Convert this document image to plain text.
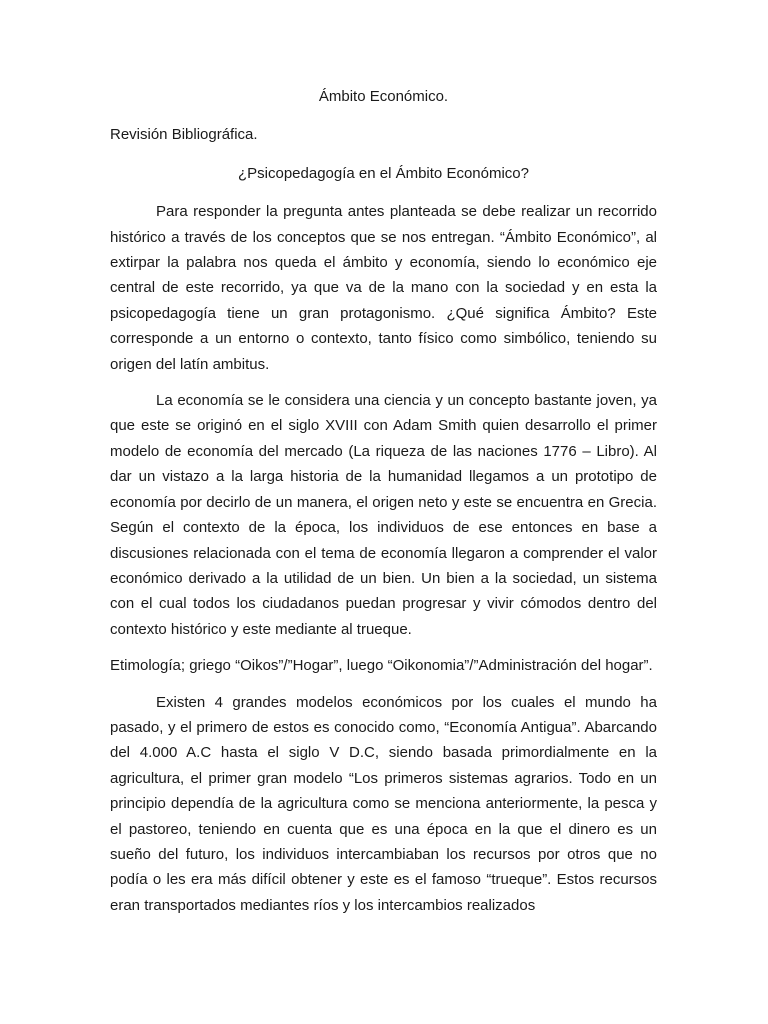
Ámbito Económico.
Revisión Bibliográfica.
¿Psicopedagogía en el Ámbito Económico?

Para responder la pregunta antes planteada se debe realizar un recorrido histórico a través de los conceptos que se nos entregan. “Ámbito Económico”, al extirpar la palabra nos queda el ámbito y economía, siendo lo económico eje central de este recorrido, ya que va de la mano con la sociedad y en esta la psicopedagogía tiene un gran protagonismo. ¿Qué significa Ámbito? Este corresponde a un entorno o contexto, tanto físico como simbólico, teniendo su origen del latín ambitus.

La economía se le considera una ciencia y un concepto bastante joven, ya que este se originó en el siglo XVIII con Adam Smith quien desarrollo el primer modelo de economía del mercado (La riqueza de las naciones 1776 – Libro). Al dar un vistazo a la larga historia de la humanidad llegamos a un prototipo de economía por decirlo de un manera, el origen neto y este se encuentra en Grecia. Según el contexto de la época, los individuos de ese entonces en base a discusiones relacionada con el tema de economía llegaron a comprender el valor económico derivado a la utilidad de un bien. Un bien a la sociedad, un sistema con el cual todos los ciudadanos puedan progresar y vivir cómodos dentro del contexto histórico y este mediante al trueque.

Etimología; griego “Oikos”/”Hogar”, luego “Oikonomia”/”Administración del hogar”.

Existen 4 grandes modelos económicos por los cuales el mundo ha pasado, y el primero de estos es conocido como, “Economía Antigua”. Abarcando del 4.000 A.C hasta el siglo V D.C, siendo basada primordialmente en la agricultura, el primer gran modelo “Los primeros sistemas agrarios. Todo en un principio dependía de la agricultura como se menciona anteriormente, la pesca y el pastoreo, teniendo en cuenta que es una época en la que el dinero es un sueño del futuro, los individuos intercambiaban los recursos por otros que no podía o les era más difícil obtener y este es el famoso “trueque”. Estos recursos eran transportados mediantes ríos y los intercambios realizados
